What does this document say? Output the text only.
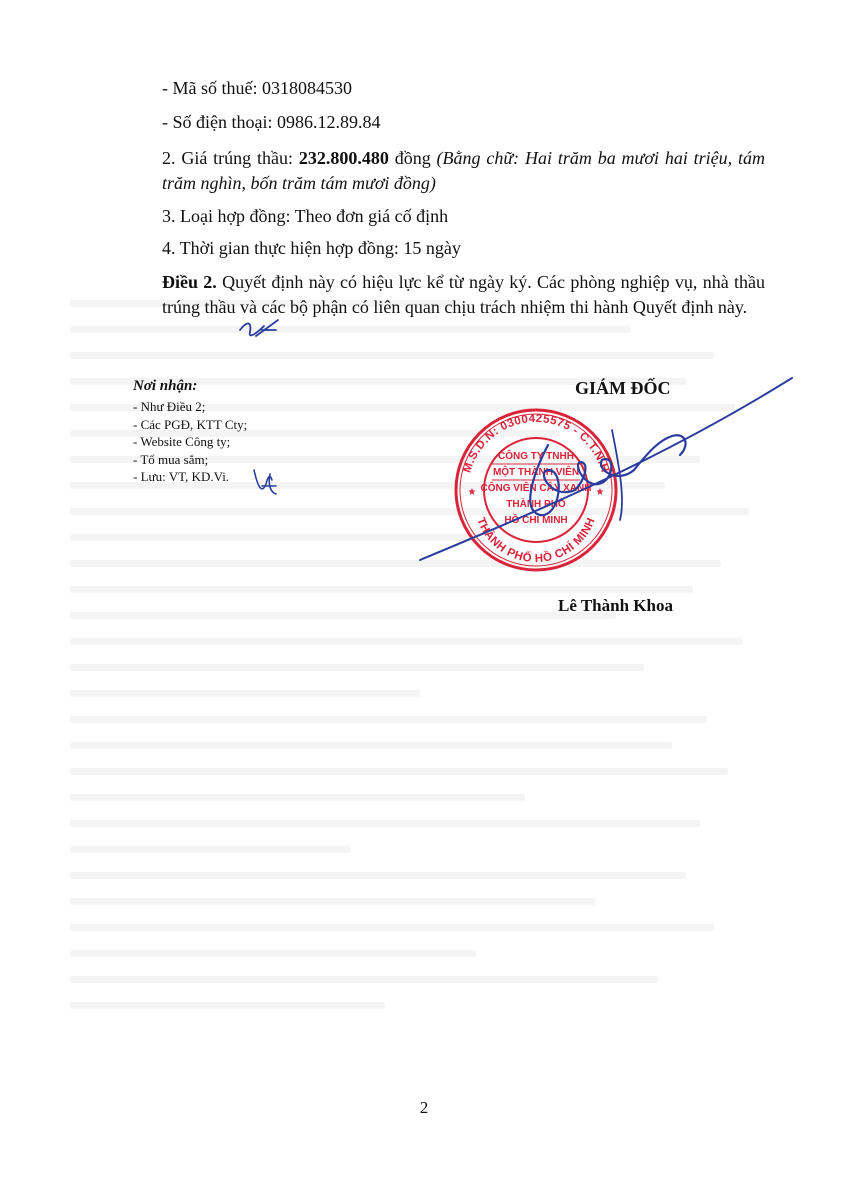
- Mã số thuế: 0318084530
- Số điện thoại: 0986.12.89.84
2. Giá trúng thầu: 232.800.480 đồng (Bằng chữ: Hai trăm ba mươi hai triệu, tám trăm nghìn, bốn trăm tám mươi đồng)
3. Loại hợp đồng: Theo đơn giá cố định
4. Thời gian thực hiện hợp đồng: 15 ngày
Điều 2. Quyết định này có hiệu lực kể từ ngày ký. Các phòng nghiệp vụ, nhà thầu trúng thầu và các bộ phận có liên quan chịu trách nhiệm thi hành Quyết định này.
Nơi nhận:
- Như Điều 2;
- Các PGĐ, KTT Cty;
- Website Công ty;
- Tổ mua sắm;
- Lưu: VT, KD.Vi.
GIÁM ĐỐC
M.S.D.N: 0300425575 - C.T.N.H
THÀNH PHỐ HỒ CHÍ MINH
★	★
CÔNG TY TNHH
MỘT THÀNH VIÊN
CÔNG VIÊN CÂY XANH
THÀNH PHỐ
HỒ CHÍ MINH
Lê Thành Khoa
2
